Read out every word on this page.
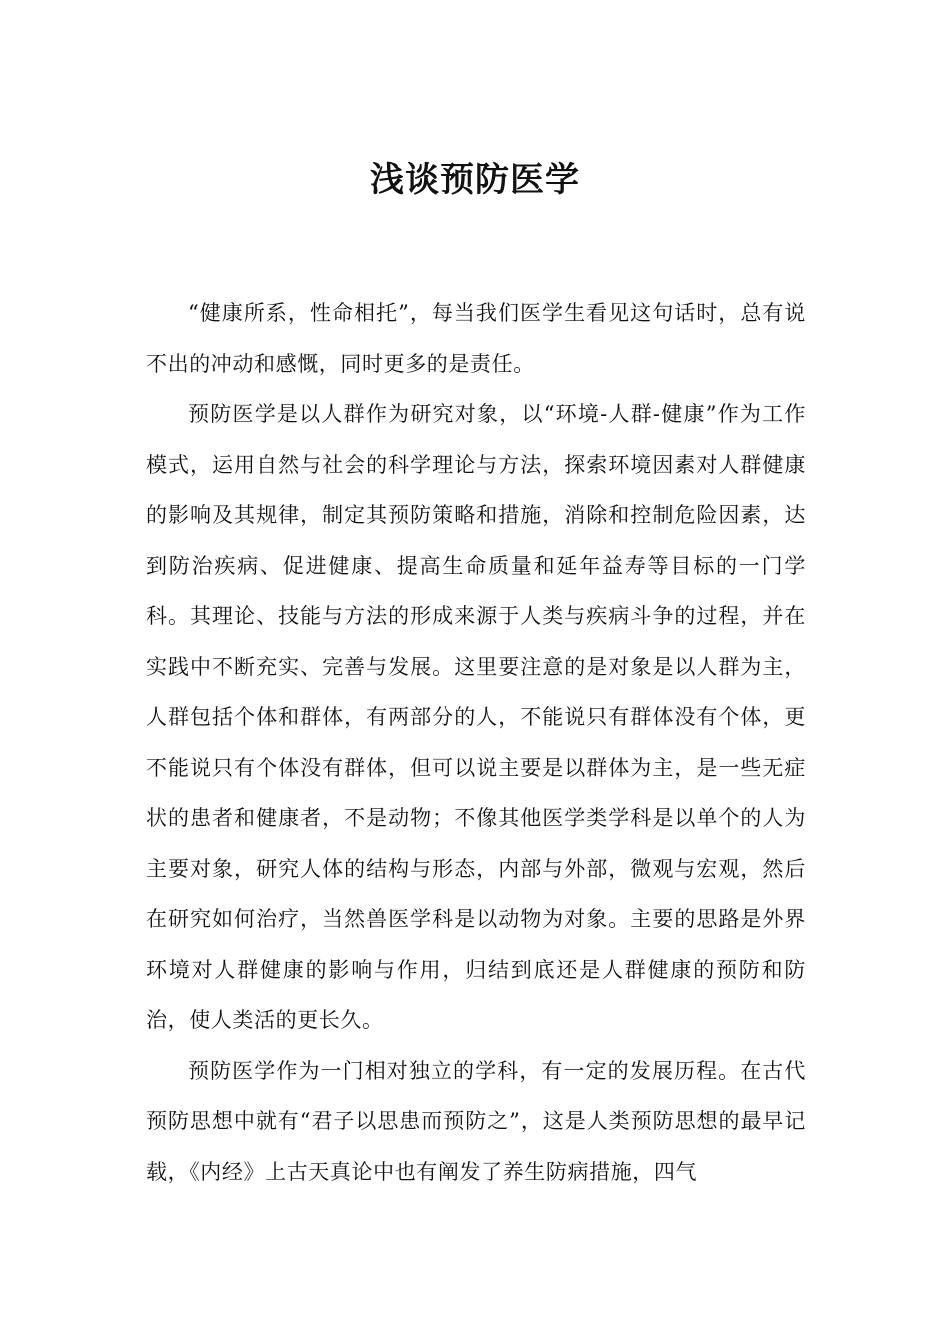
浅谈预防医学

“健康所系，性命相托”，每当我们医学生看见这句话时，总有说不出的冲动和感慨，同时更多的是责任。

预防医学是以人群作为研究对象，以“环境-人群-健康”作为工作模式，运用自然与社会的科学理论与方法，探索环境因素对人群健康的影响及其规律，制定其预防策略和措施，消除和控制危险因素，达到防治疾病、促进健康、提高生命质量和延年益寿等目标的一门学科。其理论、技能与方法的形成来源于人类与疾病斗争的过程，并在实践中不断充实、完善与发展。这里要注意的是对象是以人群为主，人群包括个体和群体，有两部分的人，不能说只有群体没有个体，更不能说只有个体没有群体，但可以说主要是以群体为主，是一些无症状的患者和健康者，不是动物；不像其他医学类学科是以单个的人为主要对象，研究人体的结构与形态，内部与外部，微观与宏观，然后在研究如何治疗，当然兽医学科是以动物为对象。主要的思路是外界环境对人群健康的影响与作用，归结到底还是人群健康的预防和防治，使人类活的更长久。

预防医学作为一门相对独立的学科，有一定的发展历程。在古代预防思想中就有“君子以思患而预防之”，这是人类预防思想的最早记载，《内经》上古天真论中也有阐发了养生防病措施，四气
